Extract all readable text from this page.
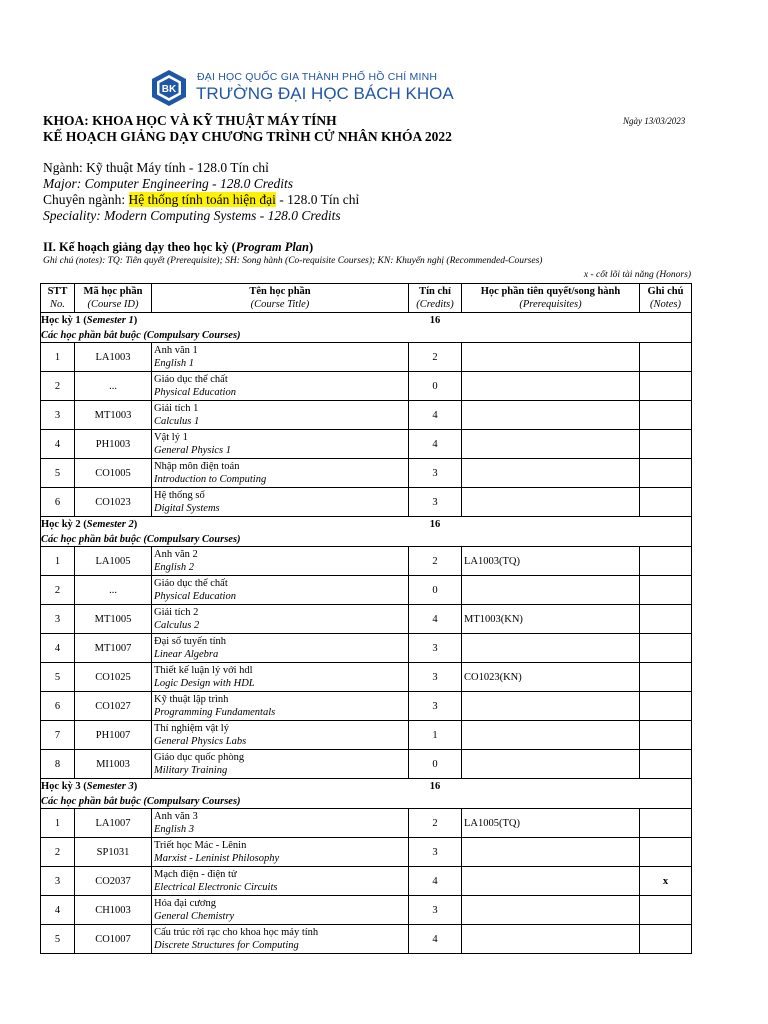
BK
ĐẠI HỌC QUỐC GIA THÀNH PHỐ HỒ CHÍ MINH
TRƯỜNG ĐẠI HỌC BÁCH KHOA
KHOA: KHOA HỌC VÀ KỸ THUẬT MÁY TÍNH
KẾ HOẠCH GIẢNG DẠY CHƯƠNG TRÌNH CỬ NHÂN KHÓA 2022
Ngày 13/03/2023
Ngành: Kỹ thuật Máy tính - 128.0 Tín chỉ
Major: Computer Engineering - 128.0 Credits
Chuyên ngành: Hệ thống tính toán hiện đại - 128.0 Tín chỉ
Speciality: Modern Computing Systems - 128.0 Credits
II. Kế hoạch giảng dạy theo học kỳ (Program Plan)
Ghi chú (notes): TQ: Tiên quyết (Prerequisite); SH: Song hành (Co-requisite Courses); KN: Khuyến nghị (Recommended-Courses)
x - cốt lõi tài năng (Honors)
STT
No.	Mã học phần
(Course ID)	Tên học phần
(Course Title)	Tín chỉ
(Credits)	Học phần tiên quyết/song hành
(Prerequisites)	Ghi chú
(Notes)

Học kỳ 1 (Semester 1)			16		
Các học phần bắt buộc (Compulsary Courses)					
1	LA1003	Anh văn 1
English 1	2		
2	...	Giáo dục thể chất
Physical Education	0		
3	MT1003	Giải tích 1
Calculus 1	4		
4	PH1003	Vật lý 1
General Physics 1	4		
5	CO1005	Nhập môn điện toán
Introduction to Computing	3		
6	CO1023	Hệ thống số
Digital Systems	3		
Học kỳ 2 (Semester 2)			16		
Các học phần bắt buộc (Compulsary Courses)					
1	LA1005	Anh văn 2
English 2	2	LA1003(TQ)	
2	...	Giáo dục thể chất
Physical Education	0		
3	MT1005	Giải tích 2
Calculus 2	4	MT1003(KN)	
4	MT1007	Đại số tuyến tính
Linear Algebra	3		
5	CO1025	Thiết kế luận lý với hdl
Logic Design with HDL	3	CO1023(KN)	
6	CO1027	Kỹ thuật lập trình
Programming Fundamentals	3		
7	PH1007	Thí nghiệm vật lý
General Physics Labs	1		
8	MI1003	Giáo dục quốc phòng
Military Training	0		
Học kỳ 3 (Semester 3)			16		
Các học phần bắt buộc (Compulsary Courses)					
1	LA1007	Anh văn 3
English 3	2	LA1005(TQ)	
2	SP1031	Triết học Mác - Lênin
Marxist - Leninist Philosophy	3		
3	CO2037	Mạch điện - điện tử
Electrical Electronic Circuits	4		x
4	CH1003	Hóa đại cương
General Chemistry	3		
5	CO1007	Cấu trúc rời rạc cho khoa học máy tính
Discrete Structures for Computing	4		
